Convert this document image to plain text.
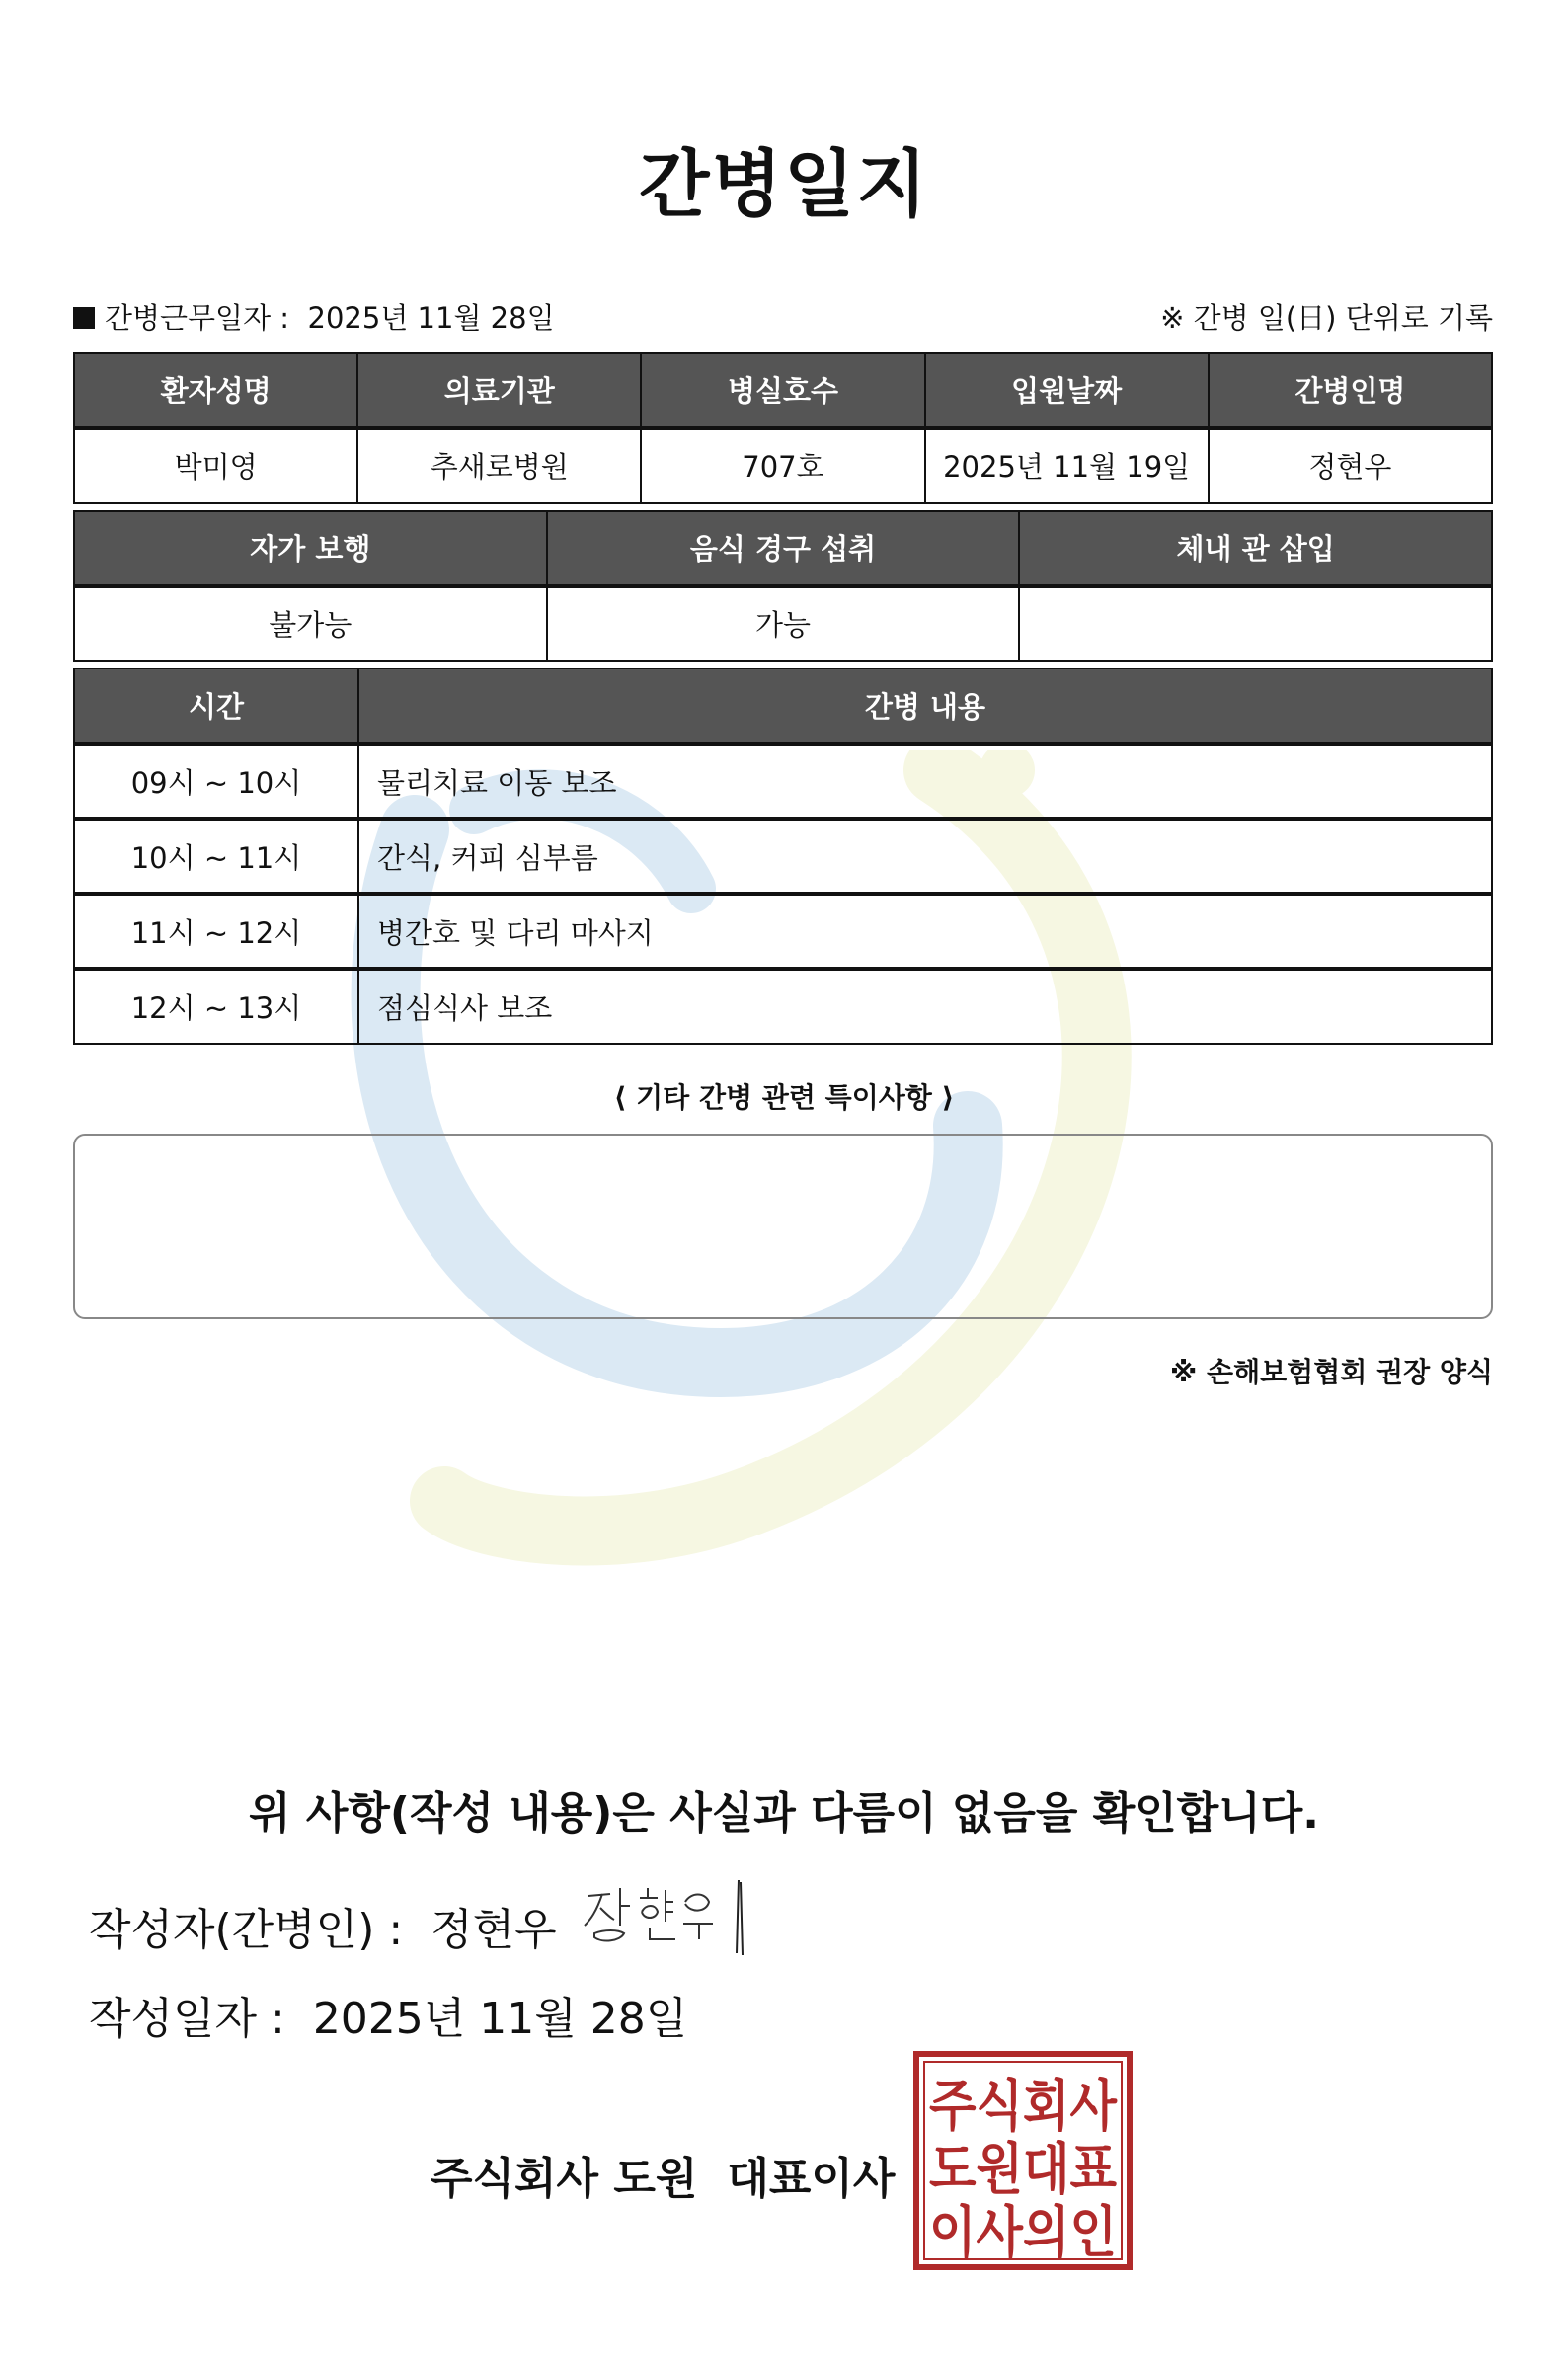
간병일지
간병근무일자 : 2025년 11월 28일	※ 간병 일(日) 단위로 기록
환자성명	의료기관	병실호수	입원날짜	간병인명
박미영	추새로병원	707호	2025년 11월 19일	정현우
자가 보행	음식 경구 섭취	체내 관 삽입
불가능	가능	
시간	간병 내용
09시 ~ 10시	물리치료 이동 보조
10시 ~ 11시	간식, 커피 심부름
11시 ~ 12시	병간호 및 다리 마사지
12시 ~ 13시	점심식사 보조
⟨ 기타 간병 관련 특이사항 ⟩
※ 손해보험협회 권장 양식
위 사항(작성 내용)은 사실과 다름이 없음을 확인합니다.
작성자(간병인) : 정현우
작성일자 : 2025년 11월 28일
주식회사 도원 대표이사
주식회사
도원대표
이사의인
